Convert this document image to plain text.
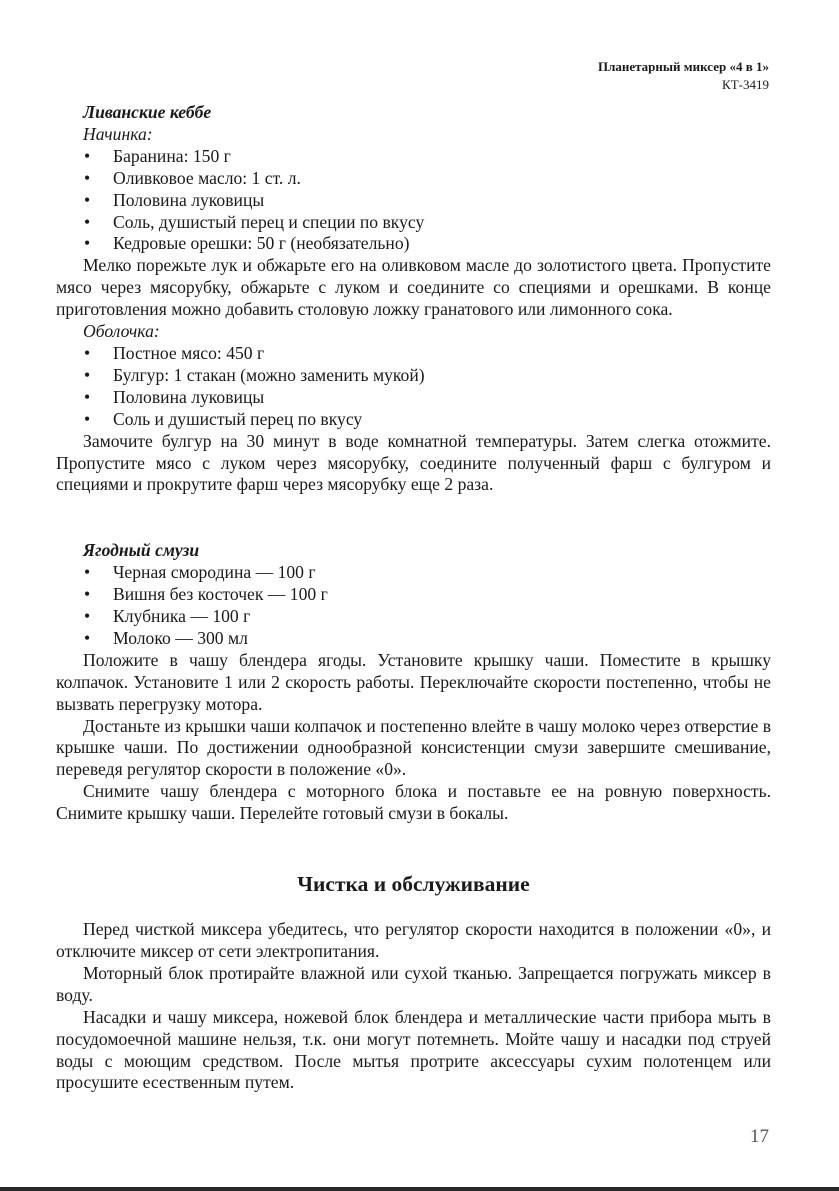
Планетарный миксер «4 в 1»
КТ-3419
Ливанские кеббе
Начинка:
• Баранина: 150 г
• Оливковое масло: 1 ст. л.
• Половина луковицы
• Соль, душистый перец и специи по вкусу
• Кедровые орешки: 50 г (необязательно)

Мелко порежьте лук и обжарьте его на оливковом масле до золотистого цвета. Пропустите мясо через мясорубку, обжарьте с луком и соедините со специями и орешками. В конце приготовления можно добавить столовую ложку гранатового или лимонного сока.

Оболочка:
• Постное мясо: 450 г
• Булгур: 1 стакан (можно заменить мукой)
• Половина луковицы
• Соль и душистый перец по вкусу

Замочите булгур на 30 минут в воде комнатной температуры. Затем слегка отожмите. Пропустите мясо с луком через мясорубку, соедините полученный фарш с булгуром и специями и прокрутите фарш через мясорубку еще 2 раза.

Ягодный смузи
• Черная смородина — 100 г
• Вишня без косточек — 100 г
• Клубника — 100 г
• Молоко — 300 мл

Положите в чашу блендера ягоды. Установите крышку чаши. Поместите в крышку колпачок. Установите 1 или 2 скорость работы. Переключайте скорости постепенно, чтобы не вызвать перегрузку мотора.

Достаньте из крышки чаши колпачок и постепенно влейте в чашу молоко через отверстие в крышке чаши. По достижении однообразной консистенции смузи завершите смешивание, переведя регулятор скорости в положение «0».

Снимите чашу блендера с моторного блока и поставьте ее на ровную поверхность. Снимите крышку чаши. Перелейте готовый смузи в бокалы.

Чистка и обслуживание

Перед чисткой миксера убедитесь, что регулятор скорости находится в положении «0», и отключите миксер от сети электропитания.

Моторный блок протирайте влажной или сухой тканью. Запрещается погружать миксер в воду.

Насадки и чашу миксера, ножевой блок блендера и металлические части прибора мыть в посудомоечной машине нельзя, т.к. они могут потемнеть. Мойте чашу и насадки под струей воды с моющим средством. После мытья протрите аксессуары сухим полотенцем или просушите есественным путем.

17
